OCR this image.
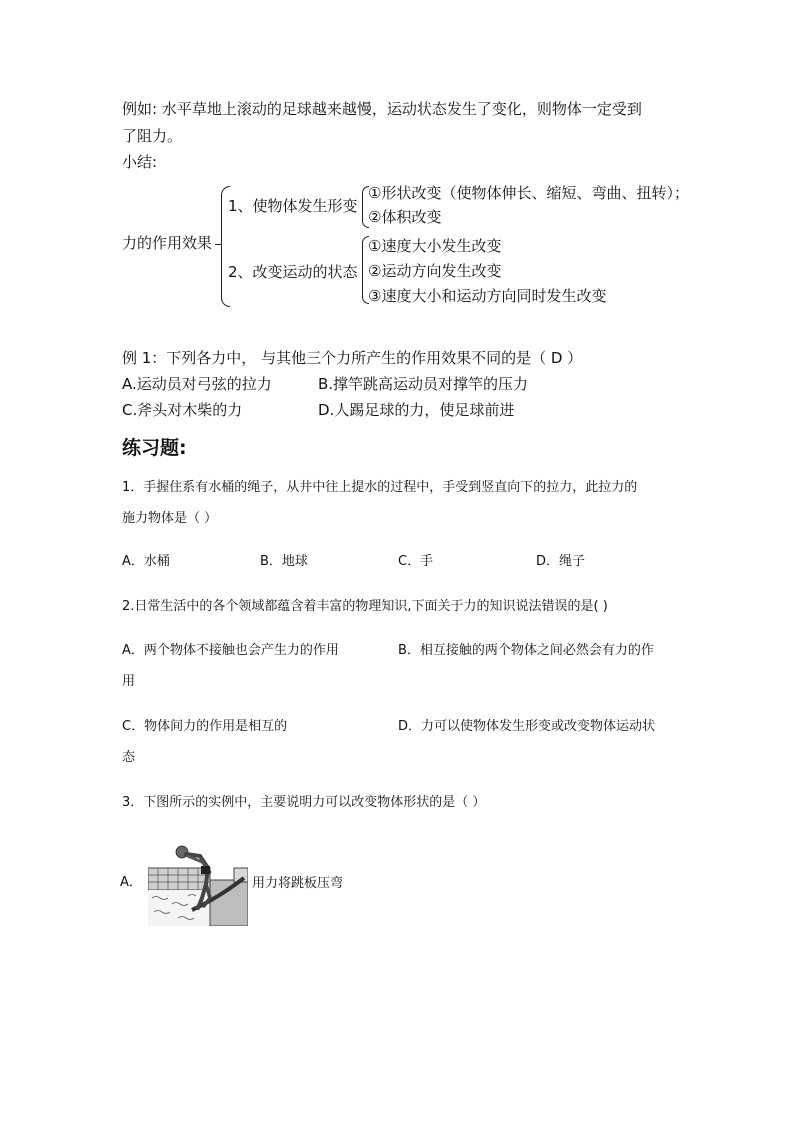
例如: 水平草地上滚动的足球越来越慢，运动状态发生了变化，则物体一定受到
了阻力。
小结:
力的作用效果
1、使物体发生形变
①形状改变（使物体伸长、缩短、弯曲、扭转）；
②体积改变
2、改变运动的状态
①速度大小发生改变
②运动方向发生改变
③速度大小和运动方向同时发生改变
例 1：下列各力中， 与其他三个力所产生的作用效果不同的是（ D ）
A.运动员对弓弦的拉力	B.撑竿跳高运动员对撑竿的压力
C.斧头对木柴的力	D.人踢足球的力，使足球前进
练习题:
1．手握住系有水桶的绳子，从井中往上提水的过程中，手受到竖直向下的拉力，此拉力的
施力物体是（ ）
A．水桶	B．地球	C．手	D．绳子
2.日常生活中的各个领域都蕴含着丰富的物理知识,下面关于力的知识说法错误的是( )
A．两个物体不接触也会产生力的作用	B．相互接触的两个物体之间必然会有力的作
用
C．物体间力的作用是相互的	D．力可以使物体发生形变或改变物体运动状
态
3．下图所示的实例中，主要说明力可以改变物体形状的是（ ）
A．	用力将跳板压弯
